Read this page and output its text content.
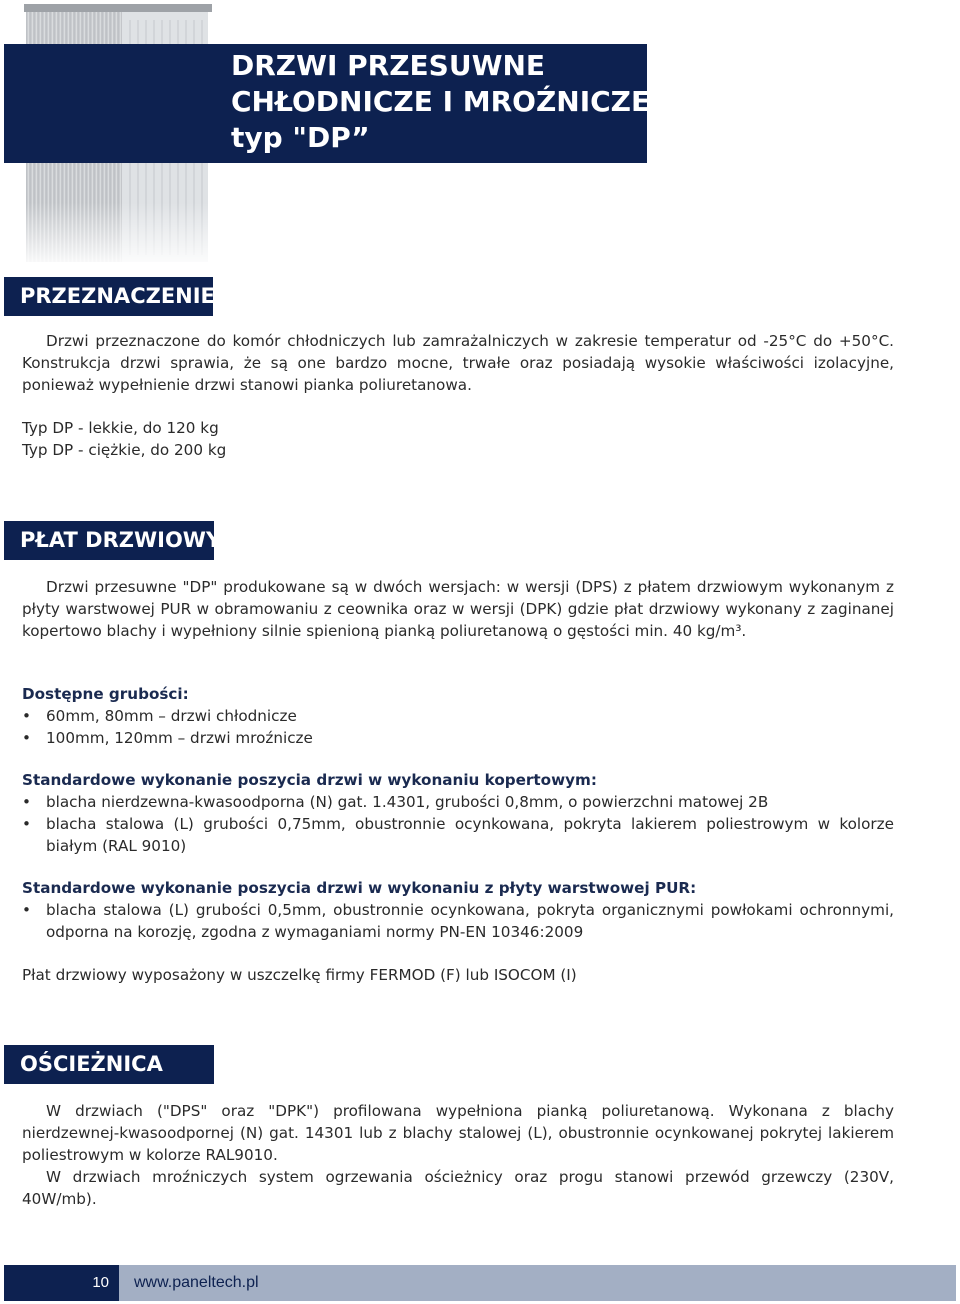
DRZWI PRZESUWNE
CHŁODNICZE I MROŹNICZE
typ "DP”
PRZEZNACZENIE
Drzwi przeznaczone do komór chłodniczych lub zamrażalniczych w zakresie temperatur od -25°C do +50°C. Konstrukcja drzwi sprawia, że są one bardzo mocne, trwałe oraz posiadają wysokie właściwości izolacyjne, ponieważ wypełnienie drzwi stanowi pianka poliuretanowa.
Typ DP - lekkie, do 120 kg
Typ DP - ciężkie, do 200 kg
PŁAT DRZWIOWY
Drzwi przesuwne "DP" produkowane są w dwóch wersjach: w wersji (DPS) z płatem drzwiowym wykonanym z płyty warstwowej PUR w obramowaniu z ceownika oraz w wersji (DPK) gdzie płat drzwiowy wykonany z zaginanej kopertowo blachy i wypełniony silnie spienioną pianką poliuretanową o gęstości min. 40 kg/m³.
Dostępne grubości:
• 60mm, 80mm – drzwi chłodnicze
• 100mm, 120mm – drzwi mroźnicze
Standardowe wykonanie poszycia drzwi w wykonaniu kopertowym:
• blacha nierdzewna-kwasoodporna (N) gat. 1.4301, grubości 0,8mm, o powierzchni matowej 2B
• blacha stalowa (L) grubości 0,75mm, obustronnie ocynkowana, pokryta lakierem poliestrowym w kolorze białym (RAL 9010)
Standardowe wykonanie poszycia drzwi w wykonaniu z płyty warstwowej PUR:
• blacha stalowa (L) grubości 0,5mm, obustronnie ocynkowana, pokryta organicznymi powłokami ochronnymi, odporna na korozję, zgodna z wymaganiami normy PN-EN 10346:2009
Płat drzwiowy wyposażony w uszczelkę firmy FERMOD (F) lub ISOCOM (I)
OŚCIEŻNICA
W drzwiach ("DPS" oraz "DPK") profilowana wypełniona pianką poliuretanową. Wykonana z blachy nierdzewnej-kwasoodpornej (N) gat. 14301 lub z blachy stalowej (L), obustronnie ocynkowanej pokrytej lakierem poliestrowym w kolorze RAL9010.
W drzwiach mroźniczych system ogrzewania ościeżnicy oraz progu stanowi przewód grzewczy (230V, 40W/mb).
10	www.paneltech.pl
